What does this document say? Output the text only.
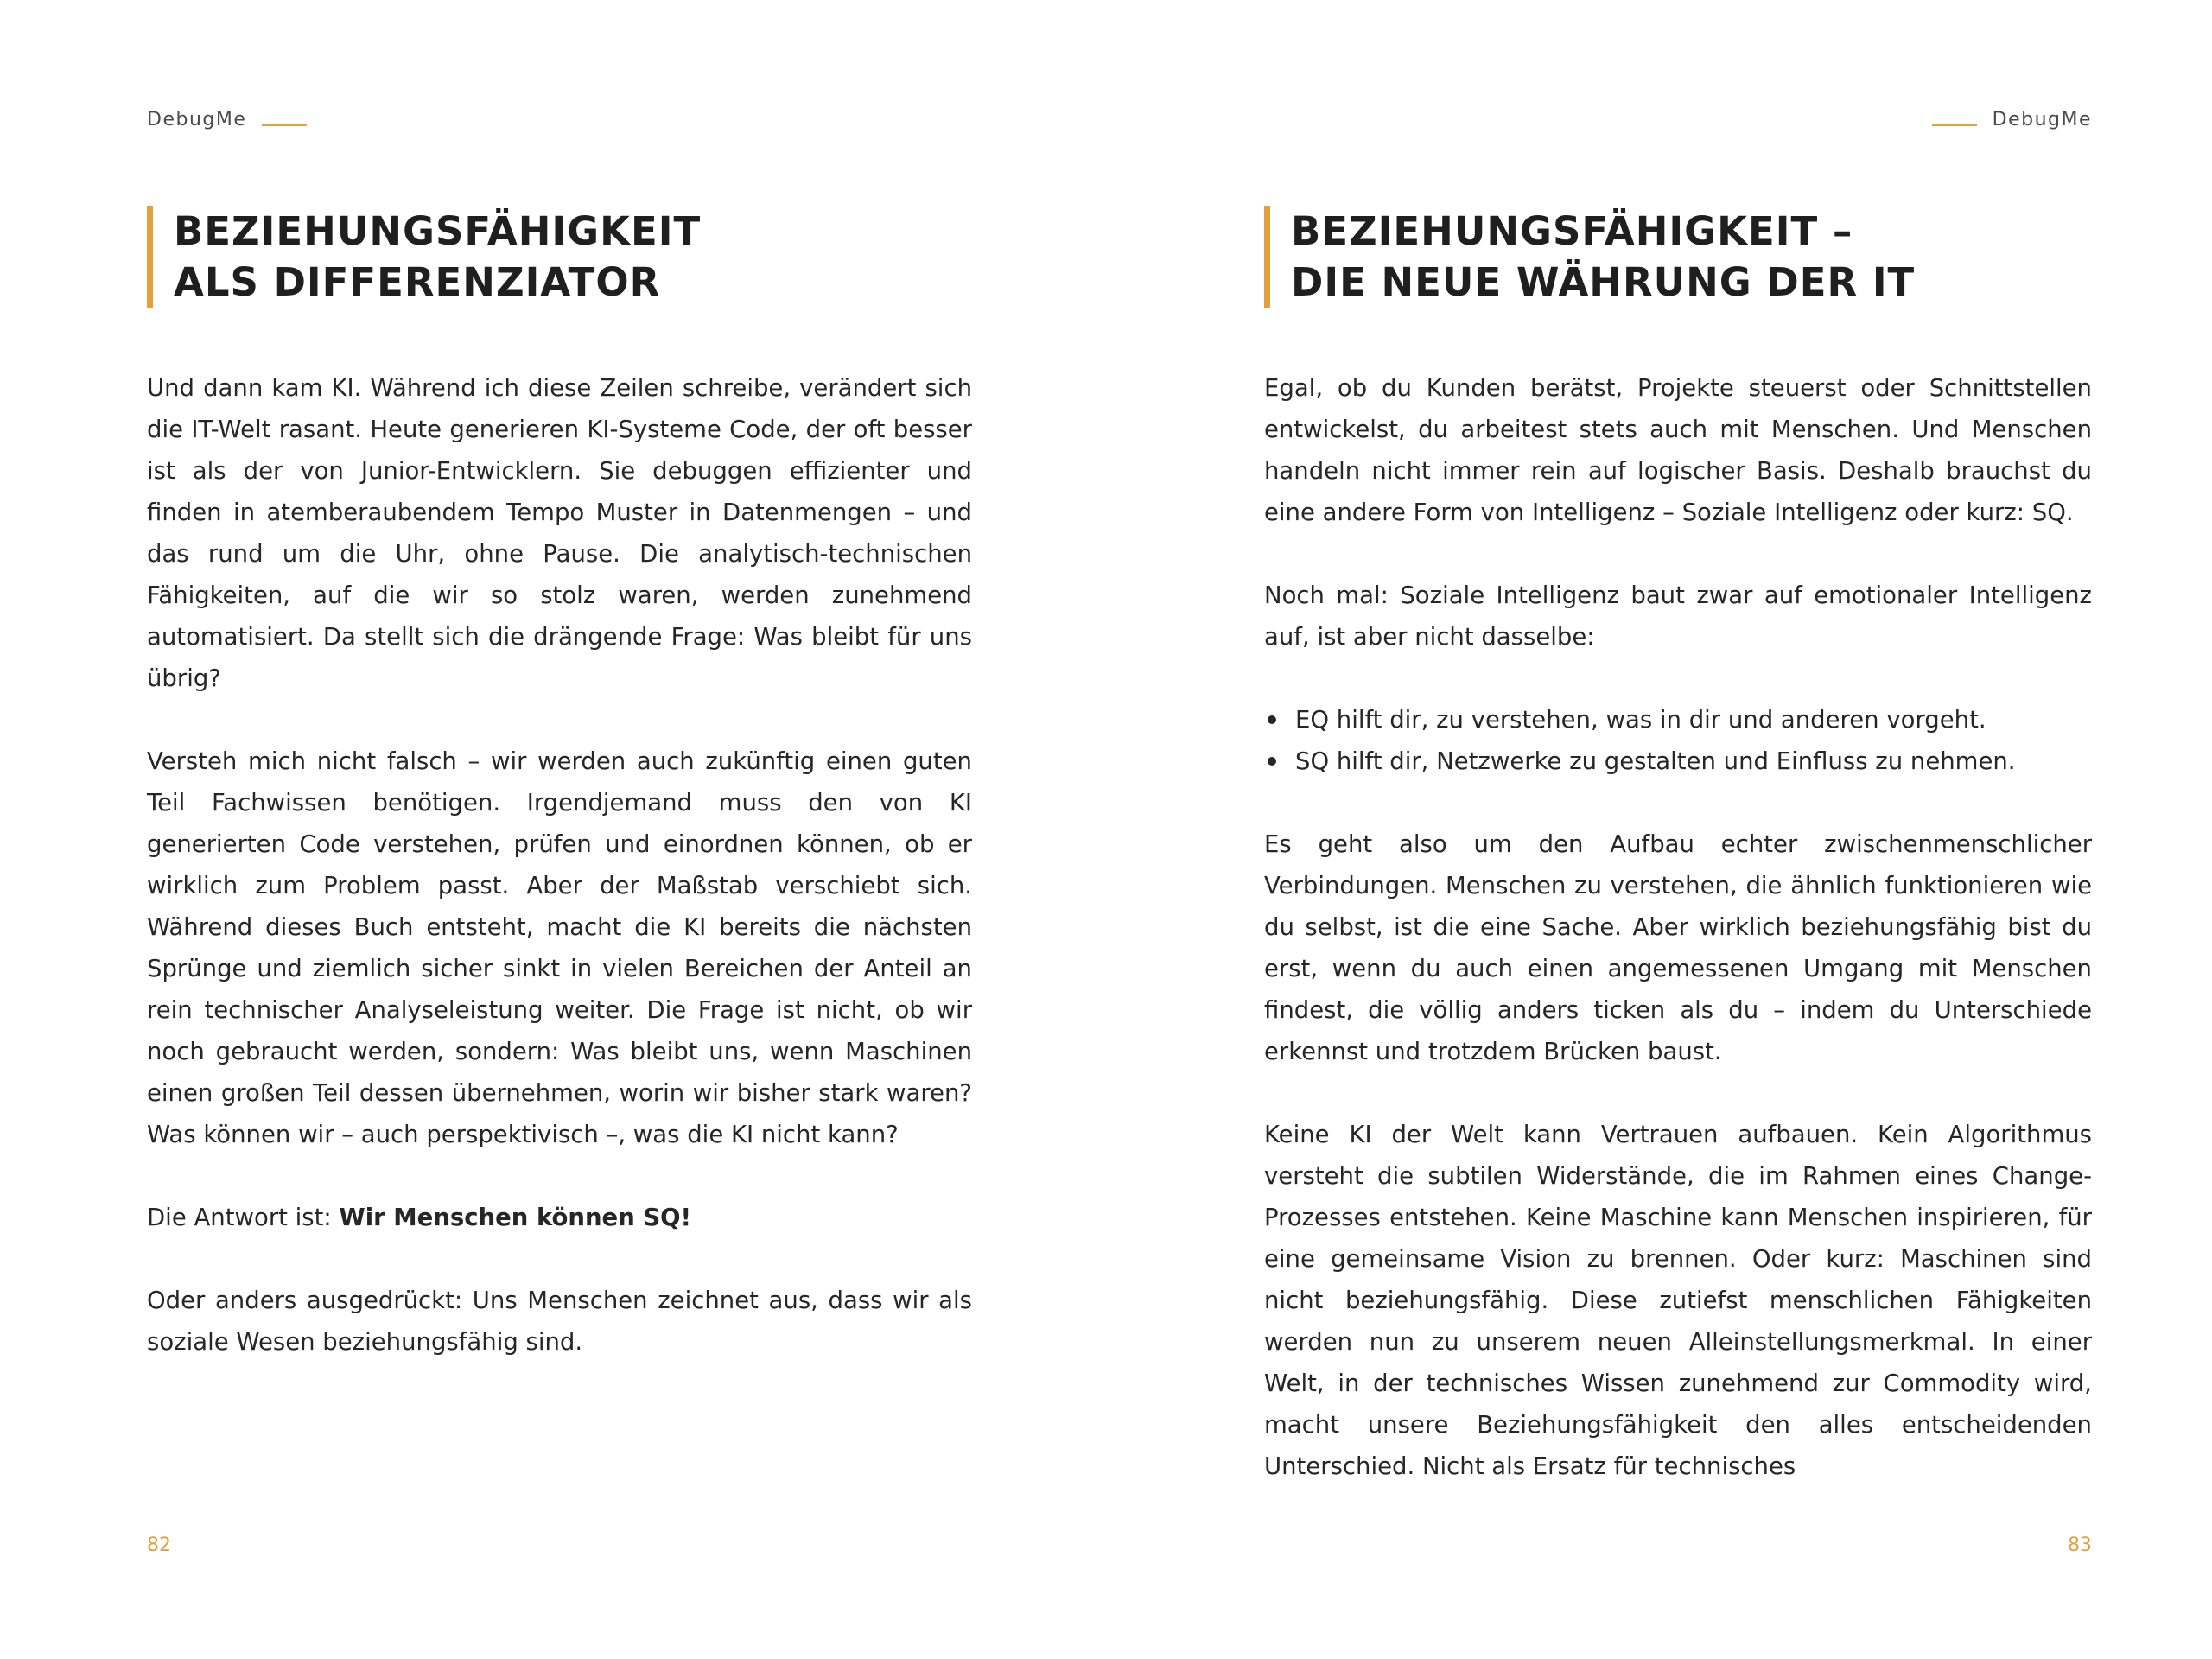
DebugMe
BEZIEHUNGSFÄHIGKEIT
ALS DIFFERENZIATOR

Und dann kam KI. Während ich diese Zeilen schreibe, verändert sich die IT-Welt rasant. Heute generieren KI-Systeme Code, der oft besser ist als der von Junior-Entwicklern. Sie debuggen effizienter und finden in atemberaubendem Tempo Muster in Datenmengen – und das rund um die Uhr, ohne Pause. Die analytisch-technischen Fähigkeiten, auf die wir so stolz waren, werden zunehmend automatisiert. Da stellt sich die drängende Frage: Was bleibt für uns übrig?

Versteh mich nicht falsch – wir werden auch zukünftig einen guten Teil Fachwissen benötigen. Irgendjemand muss den von KI generierten Code verstehen, prüfen und einordnen können, ob er wirklich zum Problem passt. Aber der Maßstab verschiebt sich. Während dieses Buch entsteht, macht die KI bereits die nächsten Sprünge und ziemlich sicher sinkt in vielen Bereichen der Anteil an rein technischer Analyseleistung weiter. Die Frage ist nicht, ob wir noch gebraucht werden, sondern: Was bleibt uns, wenn Maschinen einen großen Teil dessen übernehmen, worin wir bisher stark waren? Was können wir – auch perspektivisch –, was die KI nicht kann?

Die Antwort ist: Wir Menschen können SQ!

Oder anders ausgedrückt: Uns Menschen zeichnet aus, dass wir als soziale Wesen beziehungsfähig sind.

82
DebugMe
BEZIEHUNGSFÄHIGKEIT –
DIE NEUE WÄHRUNG DER IT

Egal, ob du Kunden berätst, Projekte steuerst oder Schnittstellen entwickelst, du arbeitest stets auch mit Menschen. Und Menschen handeln nicht immer rein auf logischer Basis. Deshalb brauchst du eine andere Form von Intelligenz – Soziale Intelligenz oder kurz: SQ.

Noch mal: Soziale Intelligenz baut zwar auf emotionaler Intelligenz auf, ist aber nicht dasselbe:

EQ hilft dir, zu verstehen, was in dir und anderen vorgeht.
SQ hilft dir, Netzwerke zu gestalten und Einfluss zu nehmen.

Es geht also um den Aufbau echter zwischenmenschlicher Verbindungen. Menschen zu verstehen, die ähnlich funktionieren wie du selbst, ist die eine Sache. Aber wirklich beziehungsfähig bist du erst, wenn du auch einen angemessenen Umgang mit Menschen findest, die völlig anders ticken als du – indem du Unterschiede erkennst und trotzdem Brücken baust.

Keine KI der Welt kann Vertrauen aufbauen. Kein Algorithmus versteht die subtilen Widerstände, die im Rahmen eines Change-Prozesses entstehen. Keine Maschine kann Menschen inspirieren, für eine gemeinsame Vision zu brennen. Oder kurz: Maschinen sind nicht beziehungsfähig. Diese zutiefst menschlichen Fähigkeiten werden nun zu unserem neuen Alleinstellungsmerkmal. In einer Welt, in der technisches Wissen zunehmend zur Commodity wird, macht unsere Beziehungsfähigkeit den alles entscheidenden Unterschied. Nicht als Ersatz für technisches

83
